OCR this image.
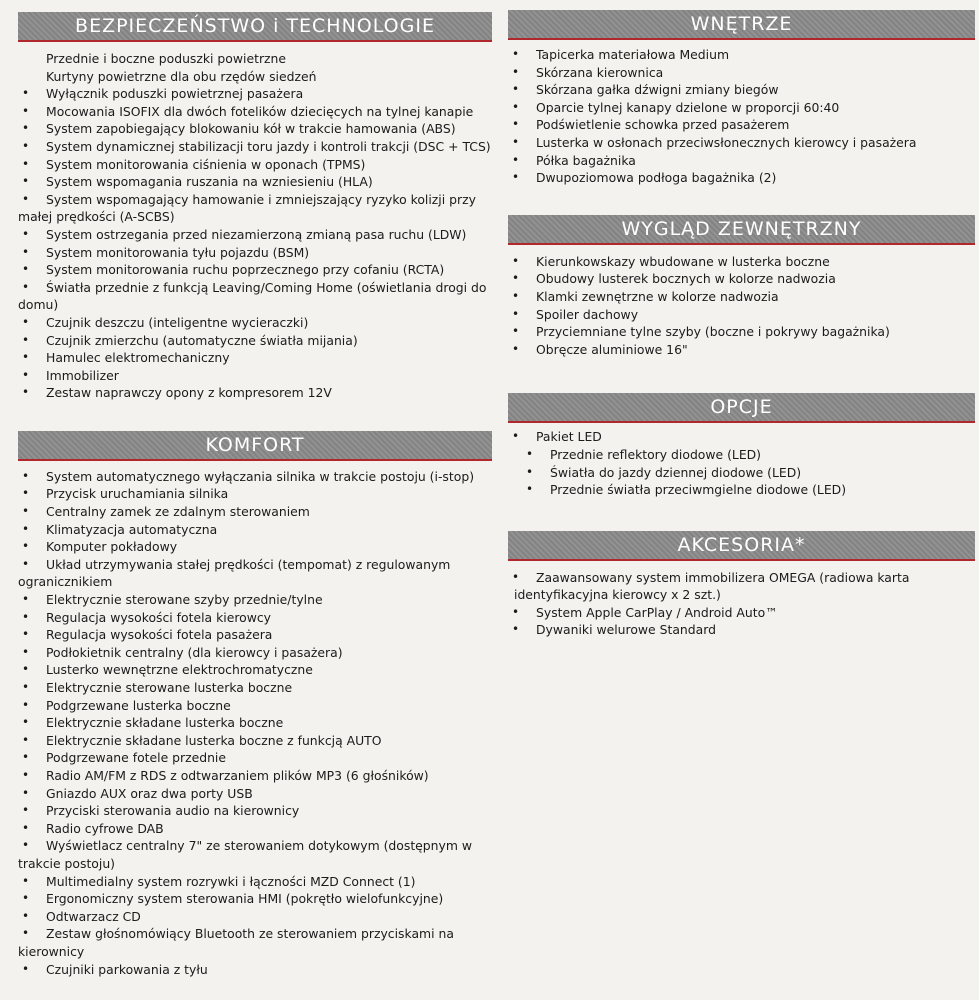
BEZPIECZEŃSTWO i TECHNOLOGIE
Przednie i boczne poduszki powietrzne
Kurtyny powietrzne dla obu rzędów siedzeń
• Wyłącznik poduszki powietrznej pasażera
• Mocowania ISOFIX dla dwóch fotelików dziecięcych na tylnej kanapie
• System zapobiegający blokowaniu kół w trakcie hamowania (ABS)
• System dynamicznej stabilizacji toru jazdy i kontroli trakcji (DSC + TCS)
• System monitorowania ciśnienia w oponach (TPMS)
• System wspomagania ruszania na wzniesieniu (HLA)
• System wspomagający hamowanie i zmniejszający ryzyko kolizji przy
małej prędkości (A-SCBS)
• System ostrzegania przed niezamierzoną zmianą pasa ruchu (LDW)
• System monitorowania tyłu pojazdu (BSM)
• System monitorowania ruchu poprzecznego przy cofaniu (RCTA)
• Światła przednie z funkcją Leaving/Coming Home (oświetlania drogi do
domu)
• Czujnik deszczu (inteligentne wycieraczki)
• Czujnik zmierzchu (automatyczne światła mijania)
• Hamulec elektromechaniczny
• Immobilizer
• Zestaw naprawczy opony z kompresorem 12V
KOMFORT
• System automatycznego wyłączania silnika w trakcie postoju (i-stop)
• Przycisk uruchamiania silnika
• Centralny zamek ze zdalnym sterowaniem
• Klimatyzacja automatyczna
• Komputer pokładowy
• Układ utrzymywania stałej prędkości (tempomat) z regulowanym
ogranicznikiem
• Elektrycznie sterowane szyby przednie/tylne
• Regulacja wysokości fotela kierowcy
• Regulacja wysokości fotela pasażera
• Podłokietnik centralny (dla kierowcy i pasażera)
• Lusterko wewnętrzne elektrochromatyczne
• Elektrycznie sterowane lusterka boczne
• Podgrzewane lusterka boczne
• Elektrycznie składane lusterka boczne
• Elektrycznie składane lusterka boczne z funkcją AUTO
• Podgrzewane fotele przednie
• Radio AM/FM z RDS z odtwarzaniem plików MP3 (6 głośników)
• Gniazdo AUX oraz dwa porty USB
• Przyciski sterowania audio na kierownicy
• Radio cyfrowe DAB
• Wyświetlacz centralny 7" ze sterowaniem dotykowym (dostępnym w
trakcie postoju)
• Multimedialny system rozrywki i łączności MZD Connect (1)
• Ergonomiczny system sterowania HMI (pokrętło wielofunkcyjne)
• Odtwarzacz CD
• Zestaw głośnomówiący Bluetooth ze sterowaniem przyciskami na
kierownicy
• Czujniki parkowania z tyłu
WNĘTRZE
• Tapicerka materiałowa Medium
• Skórzana kierownica
• Skórzana gałka dźwigni zmiany biegów
• Oparcie tylnej kanapy dzielone w proporcji 60:40
• Podświetlenie schowka przed pasażerem
• Lusterka w osłonach przeciwsłonecznych kierowcy i pasażera
• Półka bagażnika
• Dwupoziomowa podłoga bagażnika (2)
WYGLĄD ZEWNĘTRZNY
• Kierunkowskazy wbudowane w lusterka boczne
• Obudowy lusterek bocznych w kolorze nadwozia
• Klamki zewnętrzne w kolorze nadwozia
• Spoiler dachowy
• Przyciemniane tylne szyby (boczne i pokrywy bagażnika)
• Obręcze aluminiowe 16"
OPCJE
• Pakiet LED
• Przednie reflektory diodowe (LED)
• Światła do jazdy dziennej diodowe (LED)
• Przednie światła przeciwmgielne diodowe (LED)
AKCESORIA*
• Zaawansowany system immobilizera OMEGA (radiowa karta
identyfikacyjna kierowcy x 2 szt.)
• System Apple CarPlay / Android Auto™
• Dywaniki welurowe Standard
